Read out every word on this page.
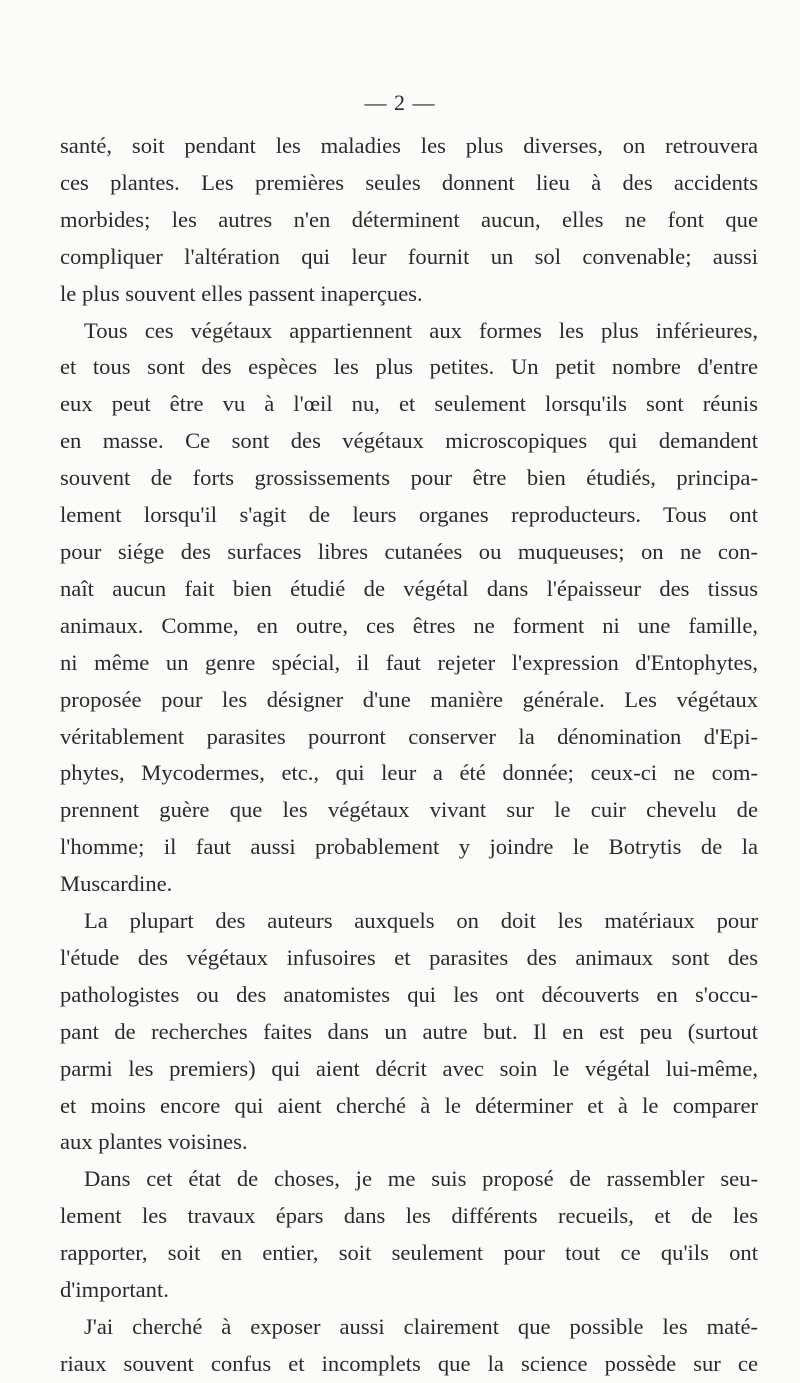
— 2 —
santé, soit pendant les maladies les plus diverses, on retrouvera
ces plantes. Les premières seules donnent lieu à des accidents
morbides; les autres n'en déterminent aucun, elles ne font que
compliquer l'altération qui leur fournit un sol convenable; aussi
le plus souvent elles passent inaperçues.
Tous ces végétaux appartiennent aux formes les plus inférieures,
et tous sont des espèces les plus petites. Un petit nombre d'entre
eux peut être vu à l'œil nu, et seulement lorsqu'ils sont réunis
en masse. Ce sont des végétaux microscopiques qui demandent
souvent de forts grossissements pour être bien étudiés, principa-
lement lorsqu'il s'agit de leurs organes reproducteurs. Tous ont
pour siége des surfaces libres cutanées ou muqueuses; on ne con-
naît aucun fait bien étudié de végétal dans l'épaisseur des tissus
animaux. Comme, en outre, ces êtres ne forment ni une famille,
ni même un genre spécial, il faut rejeter l'expression d'Entophytes,
proposée pour les désigner d'une manière générale. Les végétaux
véritablement parasites pourront conserver la dénomination d'Epi-
phytes, Mycodermes, etc., qui leur a été donnée; ceux-ci ne com-
prennent guère que les végétaux vivant sur le cuir chevelu de
l'homme; il faut aussi probablement y joindre le Botrytis de la
Muscardine.
La plupart des auteurs auxquels on doit les matériaux pour
l'étude des végétaux infusoires et parasites des animaux sont des
pathologistes ou des anatomistes qui les ont découverts en s'occu-
pant de recherches faites dans un autre but. Il en est peu (surtout
parmi les premiers) qui aient décrit avec soin le végétal lui-même,
et moins encore qui aient cherché à le déterminer et à le comparer
aux plantes voisines.
Dans cet état de choses, je me suis proposé de rassembler seu-
lement les travaux épars dans les différents recueils, et de les
rapporter, soit en entier, soit seulement pour tout ce qu'ils ont
d'important.
J'ai cherché à exposer aussi clairement que possible les maté-
riaux souvent confus et incomplets que la science possède sur ce
